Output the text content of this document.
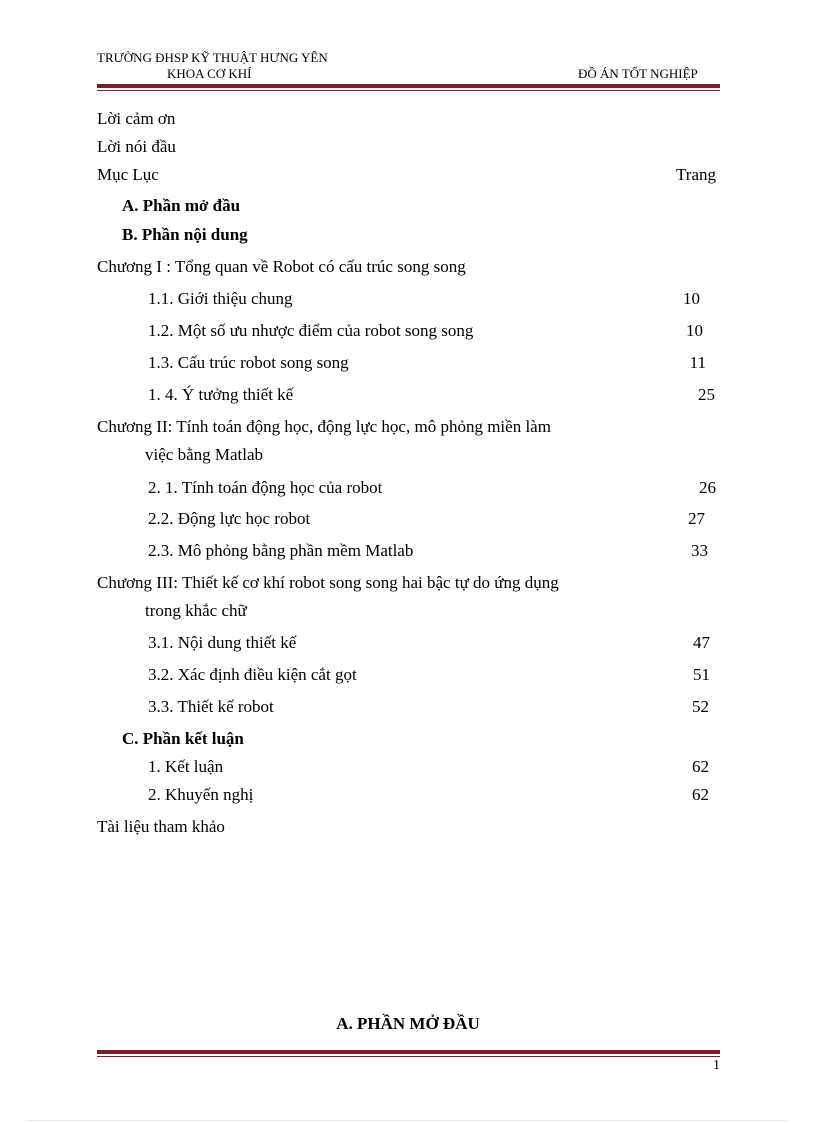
TRƯỜNG ĐHSP KỸ THUẬT HƯNG YÊN
KHOA CƠ KHÍ	ĐỒ ÁN TỐT NGHIỆP
Lời cảm ơn
Lời nói đầu
Mục Lục	Trang
A. Phần mở đầu
B. Phần nội dung
Chương I : Tổng quan về Robot có cấu trúc song song
1.1. Giới thiệu chung	10
1.2. Một số ưu nhược điểm của robot song song	10
1.3. Cấu trúc robot song song	11
1. 4. Ý tưởng thiết kế	25
Chương II: Tính toán động học, động lực học, mô phỏng miền làm
việc bằng Matlab
2. 1. Tính toán động học của robot	26
2.2. Động lực học robot	27
2.3. Mô phỏng bằng phần mềm Matlab	33
Chương III: Thiết kế cơ khí robot song song hai bậc tự do ứng dụng
trong khắc chữ
3.1. Nội dung thiết kế	47
3.2. Xác định điều kiện cắt gọt	51
3.3. Thiết kế robot	52
C. Phần kết luận
1. Kết luận	62
2. Khuyến nghị	62
Tài liệu tham khảo
A. PHẦN MỞ ĐẦU
1
